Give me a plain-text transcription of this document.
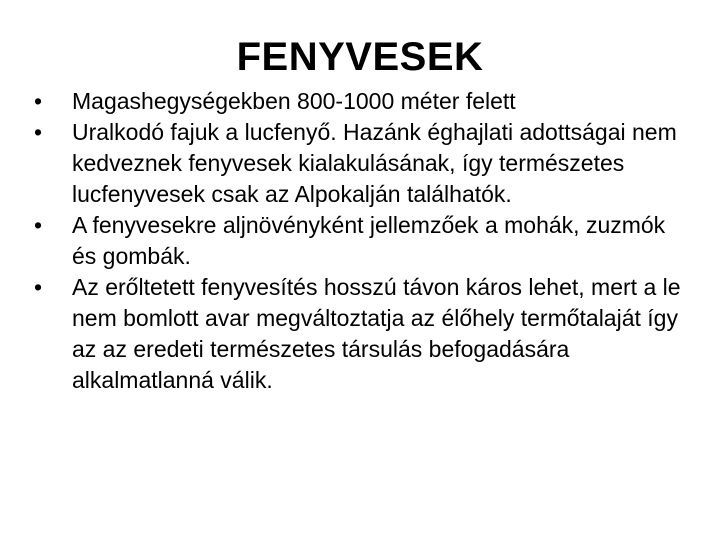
FENYVESEK
•	Magashegységekben 800-1000 méter felett
•	Uralkodó fajuk a lucfenyő. Hazánk éghajlati adottságai nem kedveznek fenyvesek kialakulásának, így természetes lucfenyvesek csak az Alpokalján találhatók.
•	A fenyvesekre aljnövényként jellemzőek a mohák, zuzmók és gombák.
•	Az erőltetett fenyvesítés hosszú távon káros lehet, mert a le nem bomlott avar megváltoztatja az élőhely termőtalaját így az az eredeti természetes társulás befogadására alkalmatlanná válik.
